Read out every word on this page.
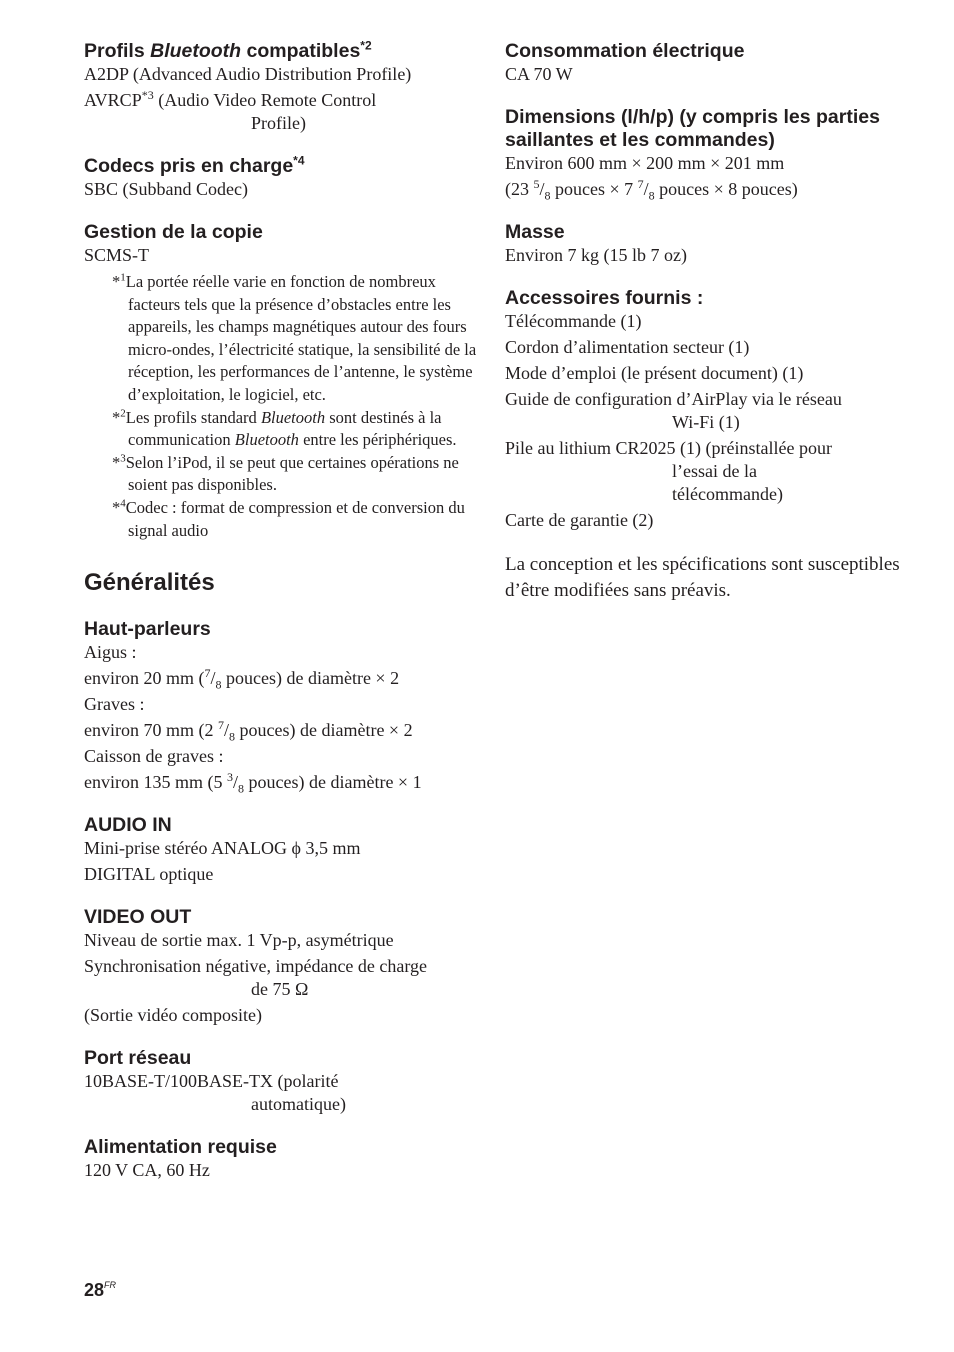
Profils Bluetooth compatibles$^{*2}$

A2DP (Advanced Audio Distribution Profile)

AVRCP$^{*3}$ (Audio Video Remote Control

Profile)

Codecs pris en charge$^{*4}$

SBC (Subband Codec)

Gestion de la copie

SCMS-T

*$^1$La portée réelle varie en fonction de nombreux facteurs tels que la présence d’obstacles entre les appareils, les champs magnétiques autour des fours micro-ondes, l’électricité statique, la sensibilité de la réception, les performances de l’antenne, le système d’exploitation, le logiciel, etc.

*$^2$Les profils standard Bluetooth sont destinés à la communication Bluetooth entre les périphériques.

*$^3$Selon l’iPod, il se peut que certaines opérations ne soient pas disponibles.

*$^4$Codec : format de compression et de conversion du signal audio

Généralités

Haut-parleurs

Aigus :

environ 20 mm ($^7/_8$ pouces) de diamètre × 2

Graves :

environ 70 mm (2 $^7/_8$ pouces) de diamètre × 2

Caisson de graves :

environ 135 mm (5 $^3/_8$ pouces) de diamètre × 1

AUDIO IN

Mini-prise stéréo ANALOG ϕ 3,5 mm

DIGITAL optique

VIDEO OUT

Niveau de sortie max. 1 Vp-p, asymétrique

Synchronisation négative, impédance de charge

de 75 Ω

(Sortie vidéo composite)

Port réseau

10BASE-T/100BASE-TX (polarité

automatique)

Alimentation requise

120 V CA, 60 Hz

Consommation électrique

CA 70 W

Dimensions (l/h/p) (y compris les parties saillantes et les commandes)

Environ 600 mm × 200 mm × 201 mm

(23 $^5/_8$ pouces × 7 $^7/_8$ pouces × 8 pouces)

Masse

Environ 7 kg (15 lb 7 oz)

Accessoires fournis :

Télécommande (1)

Cordon d’alimentation secteur (1)

Mode d’emploi (le présent document) (1)

Guide de configuration d’AirPlay via le réseau

Wi-Fi (1)

Pile au lithium CR2025 (1) (préinstallée pour

l’essai de la

télécommande)

Carte de garantie (2)

La conception et les spécifications sont susceptibles d’être modifiées sans préavis.

$28^{FR}$
